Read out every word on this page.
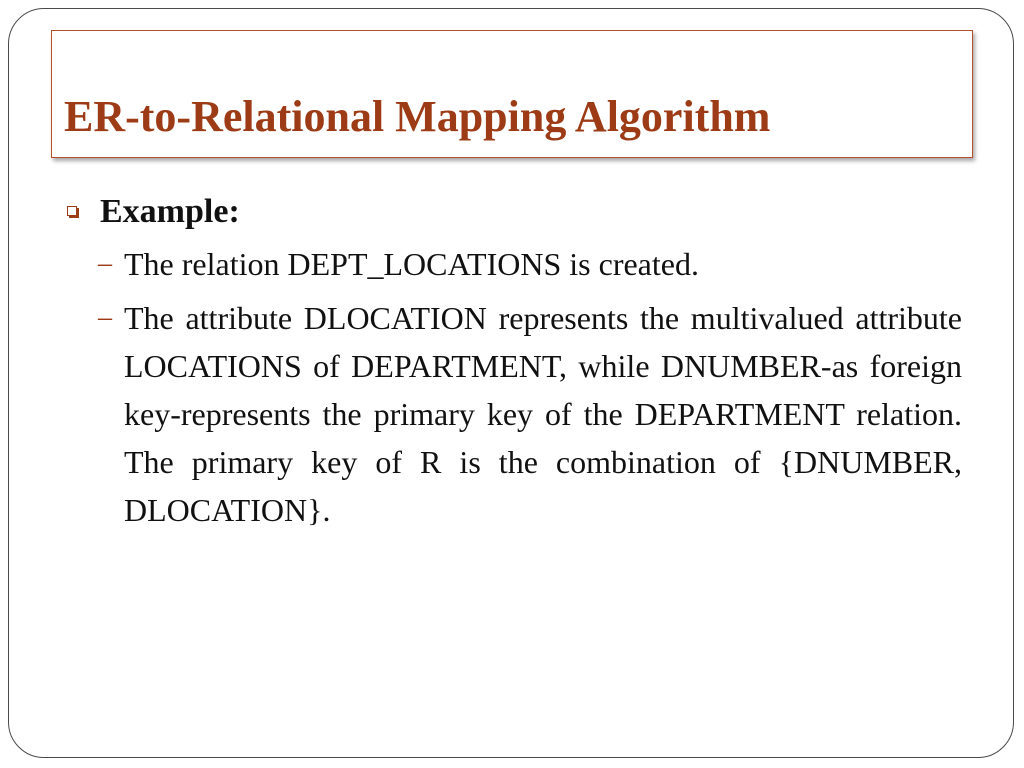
ER-to-Relational Mapping Algorithm
Example:
– The relation DEPT_LOCATIONS is created.

– The attribute DLOCATION represents the multivalued attribute LOCATIONS of DEPARTMENT, while DNUMBER-as foreign key-represents the primary key of the DEPARTMENT relation. The primary key of R is the combination of {DNUMBER, DLOCATION}.
